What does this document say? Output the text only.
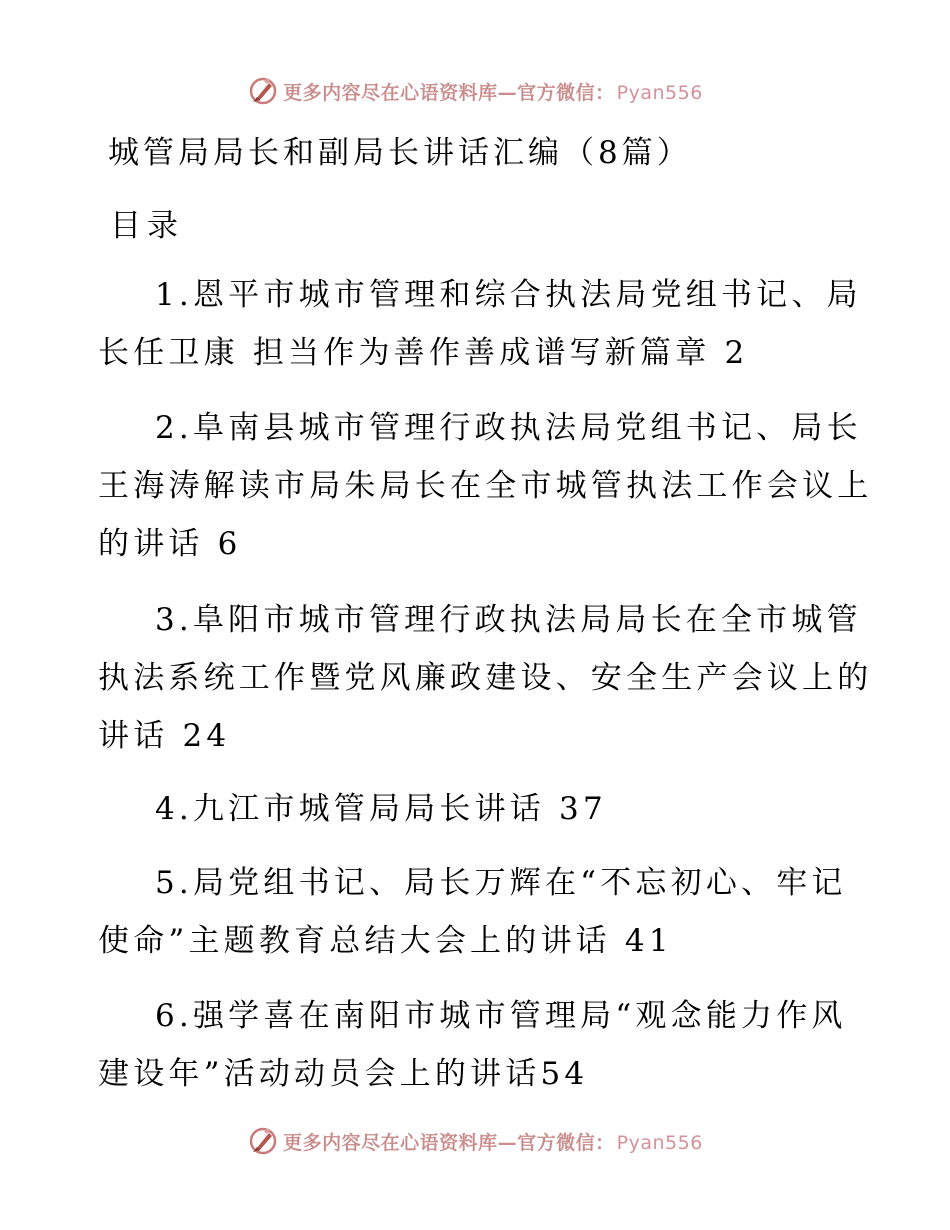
更多内容尽在心语资料库—官方微信： Pyan556
城管局局长和副局长讲话汇编（8篇）
目录
1.恩平市城市管理和综合执法局党组书记、局
长任卫康 担当作为善作善成谱写新篇章 2
2.阜南县城市管理行政执法局党组书记、局长
王海涛解读市局朱局长在全市城管执法工作会议上
的讲话 6
3.阜阳市城市管理行政执法局局长在全市城管
执法系统工作暨党风廉政建设、安全生产会议上的
讲话 24
4.九江市城管局局长讲话 37
5.局党组书记、局长万辉在“不忘初心、牢记
使命”主题教育总结大会上的讲话 41
6.强学喜在南阳市城市管理局“观念能力作风
建设年”活动动员会上的讲话54
更多内容尽在心语资料库—官方微信： Pyan556
